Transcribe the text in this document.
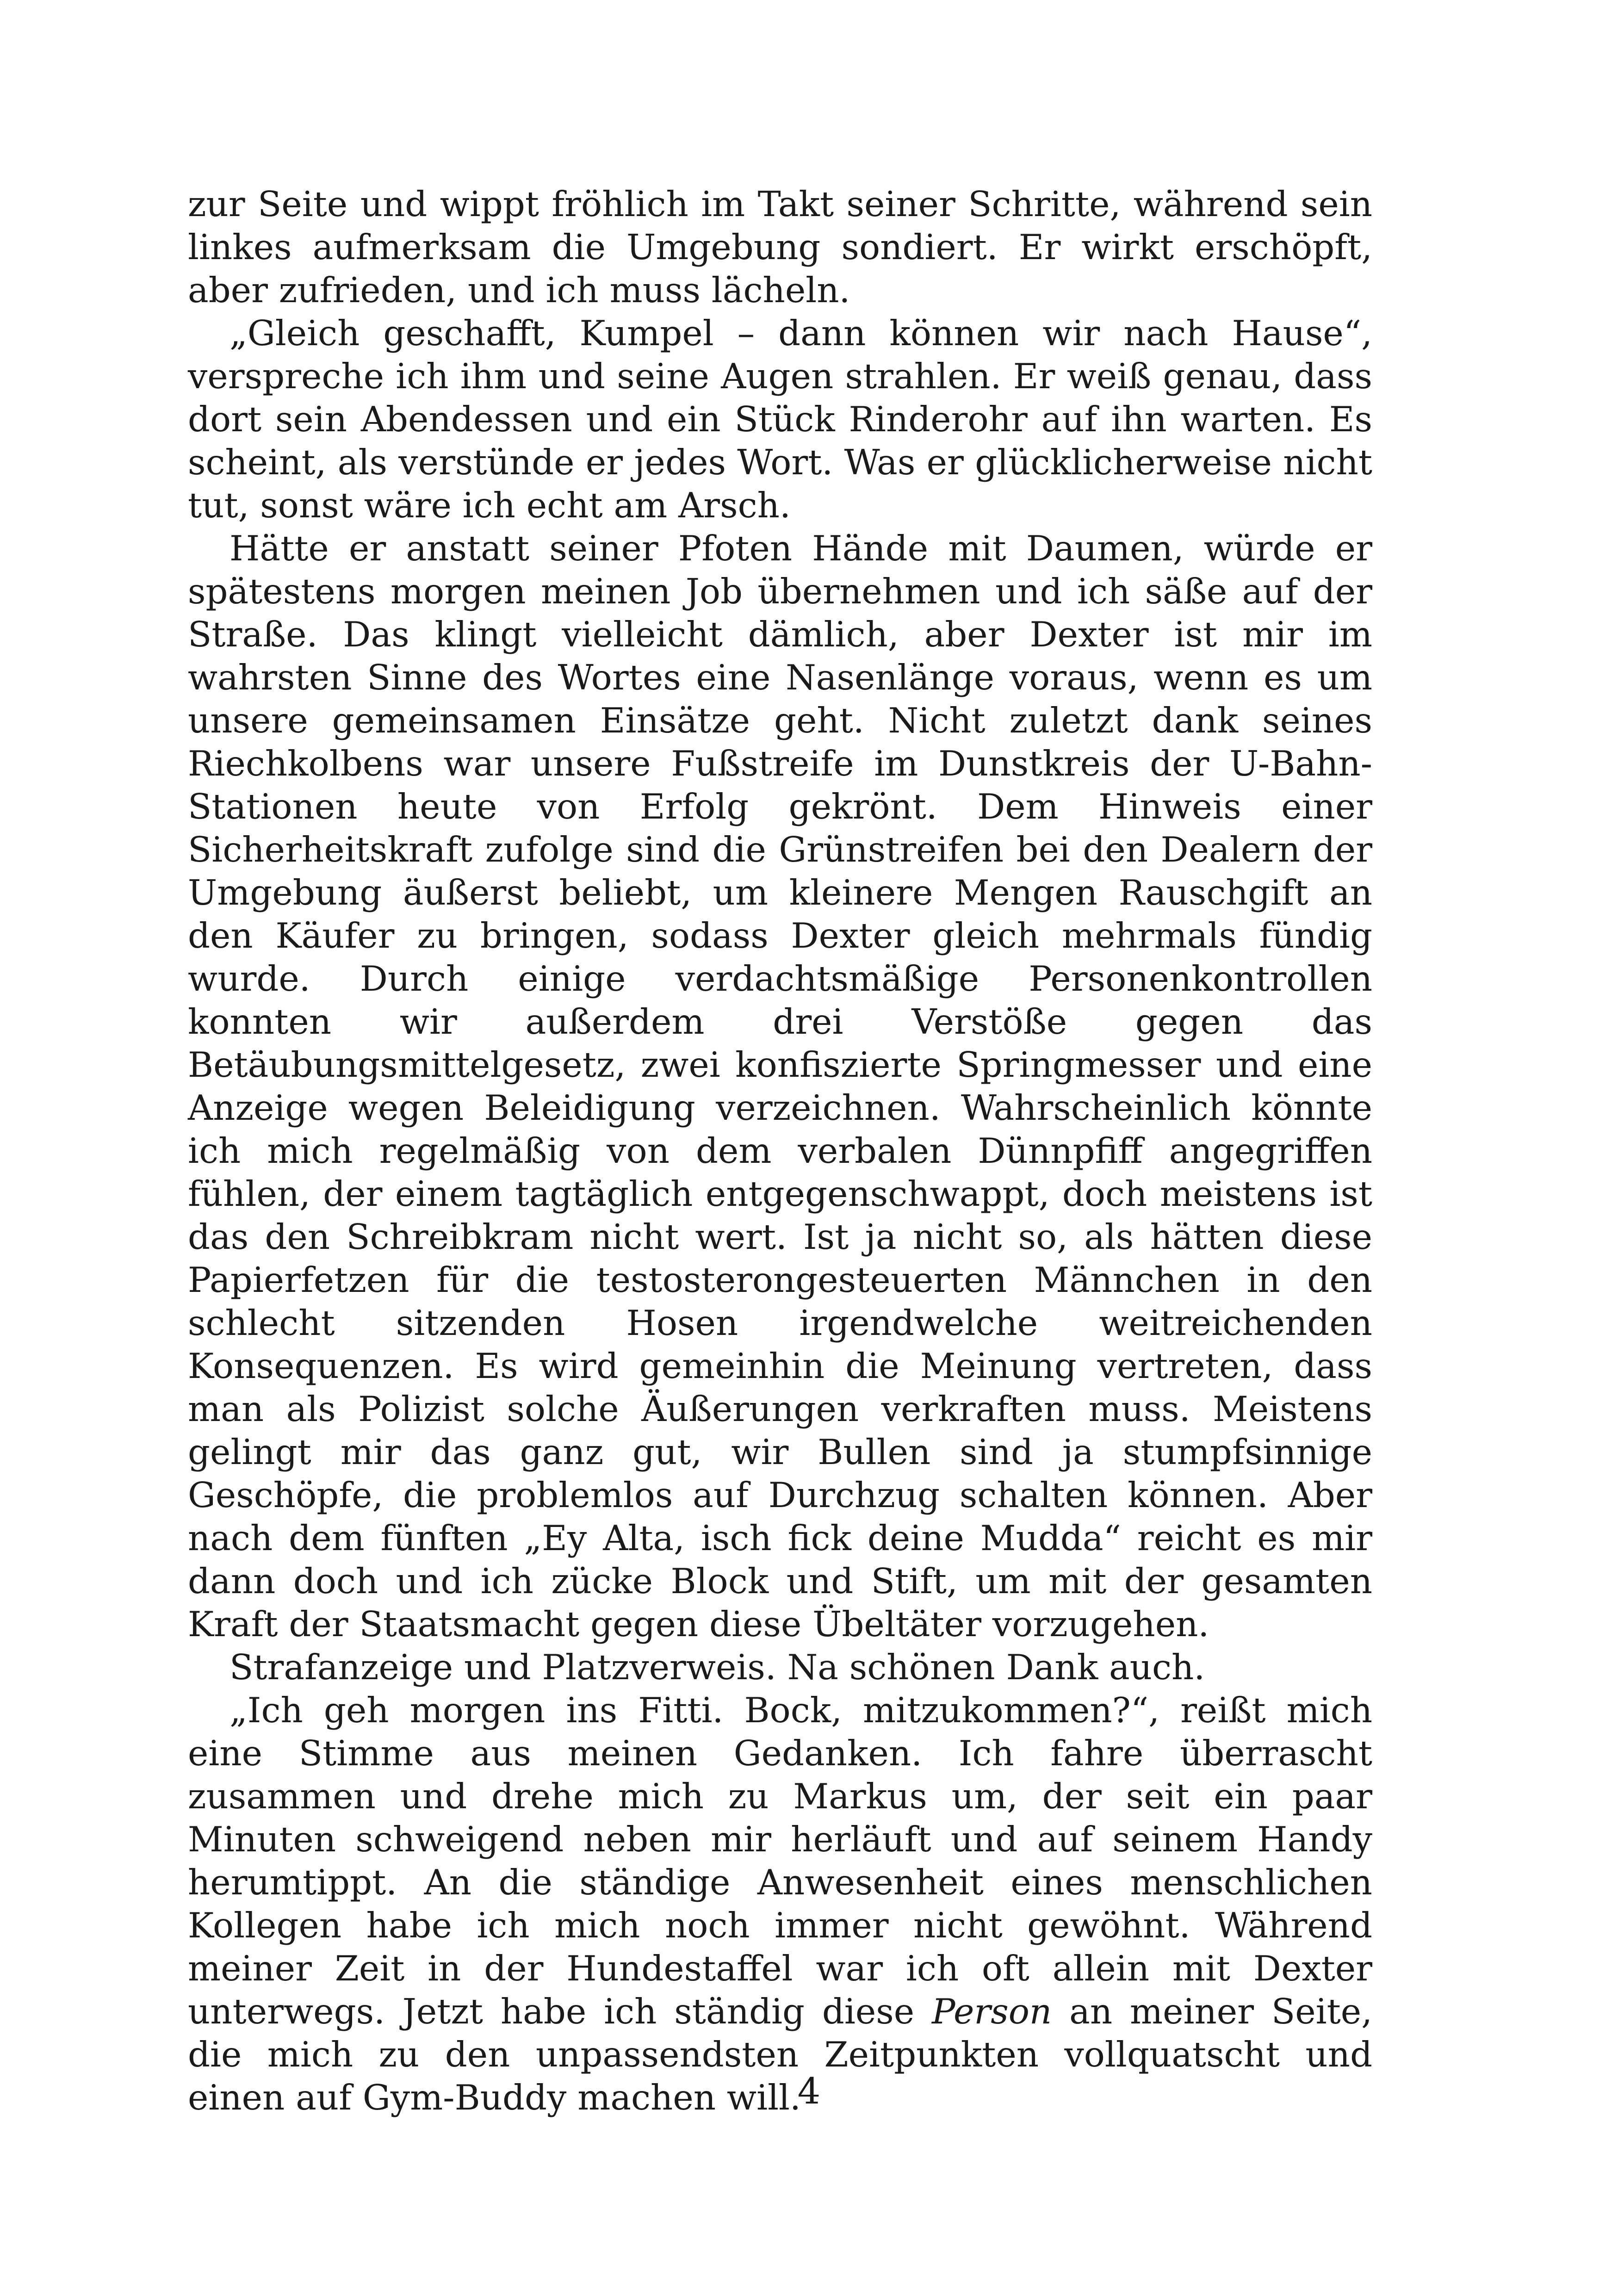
zur Seite und wippt fröhlich im Takt seiner Schritte, während sein linkes aufmerksam die Umgebung sondiert. Er wirkt erschöpft, aber zufrieden, und ich muss lächeln.

„Gleich geschafft, Kumpel – dann können wir nach Hause“, verspreche ich ihm und seine Augen strahlen. Er weiß genau, dass dort sein Abendessen und ein Stück Rinderohr auf ihn warten. Es scheint, als verstünde er jedes Wort. Was er glücklicherweise nicht tut, sonst wäre ich echt am Arsch.

Hätte er anstatt seiner Pfoten Hände mit Daumen, würde er spätestens morgen meinen Job übernehmen und ich säße auf der Straße. Das klingt vielleicht dämlich, aber Dexter ist mir im wahrsten Sinne des Wortes eine Nasenlänge voraus, wenn es um unsere gemeinsamen Einsätze geht. Nicht zuletzt dank seines Riechkolbens war unsere Fußstreife im Dunstkreis der U-Bahn-Stationen heute von Erfolg gekrönt. Dem Hinweis einer Sicherheitskraft zufolge sind die Grünstreifen bei den Dealern der Umgebung äußerst beliebt, um kleinere Mengen Rauschgift an den Käufer zu bringen, sodass Dexter gleich mehrmals fündig wurde. Durch einige verdachtsmäßige Personenkontrollen konnten wir außerdem drei Verstöße gegen das Betäubungsmittelgesetz, zwei konfiszierte Springmesser und eine Anzeige wegen Beleidigung verzeichnen. Wahrscheinlich könnte ich mich regelmäßig von dem verbalen Dünnpfiff angegriffen fühlen, der einem tagtäglich entgegenschwappt, doch meistens ist das den Schreibkram nicht wert. Ist ja nicht so, als hätten diese Papierfetzen für die testosterongesteuerten Männchen in den schlecht sitzenden Hosen irgendwelche weitreichenden Konsequenzen. Es wird gemeinhin die Meinung vertreten, dass man als Polizist solche Äußerungen verkraften muss. Meistens gelingt mir das ganz gut, wir Bullen sind ja stumpfsinnige Geschöpfe, die problemlos auf Durchzug schalten können. Aber nach dem fünften „Ey Alta, isch fick deine Mudda“ reicht es mir dann doch und ich zücke Block und Stift, um mit der gesamten Kraft der Staatsmacht gegen diese Übeltäter vorzugehen.

Strafanzeige und Platzverweis. Na schönen Dank auch.

„Ich geh morgen ins Fitti. Bock, mitzukommen?“, reißt mich eine Stimme aus meinen Gedanken. Ich fahre überrascht zusammen und drehe mich zu Markus um, der seit ein paar Minuten schweigend neben mir herläuft und auf seinem Handy herumtippt. An die ständige Anwesenheit eines menschlichen Kollegen habe ich mich noch immer nicht gewöhnt. Während meiner Zeit in der Hundestaffel war ich oft allein mit Dexter unterwegs. Jetzt habe ich ständig diese Person an meiner Seite, die mich zu den unpassendsten Zeitpunkten vollquatscht und einen auf Gym-Buddy machen will.

4
